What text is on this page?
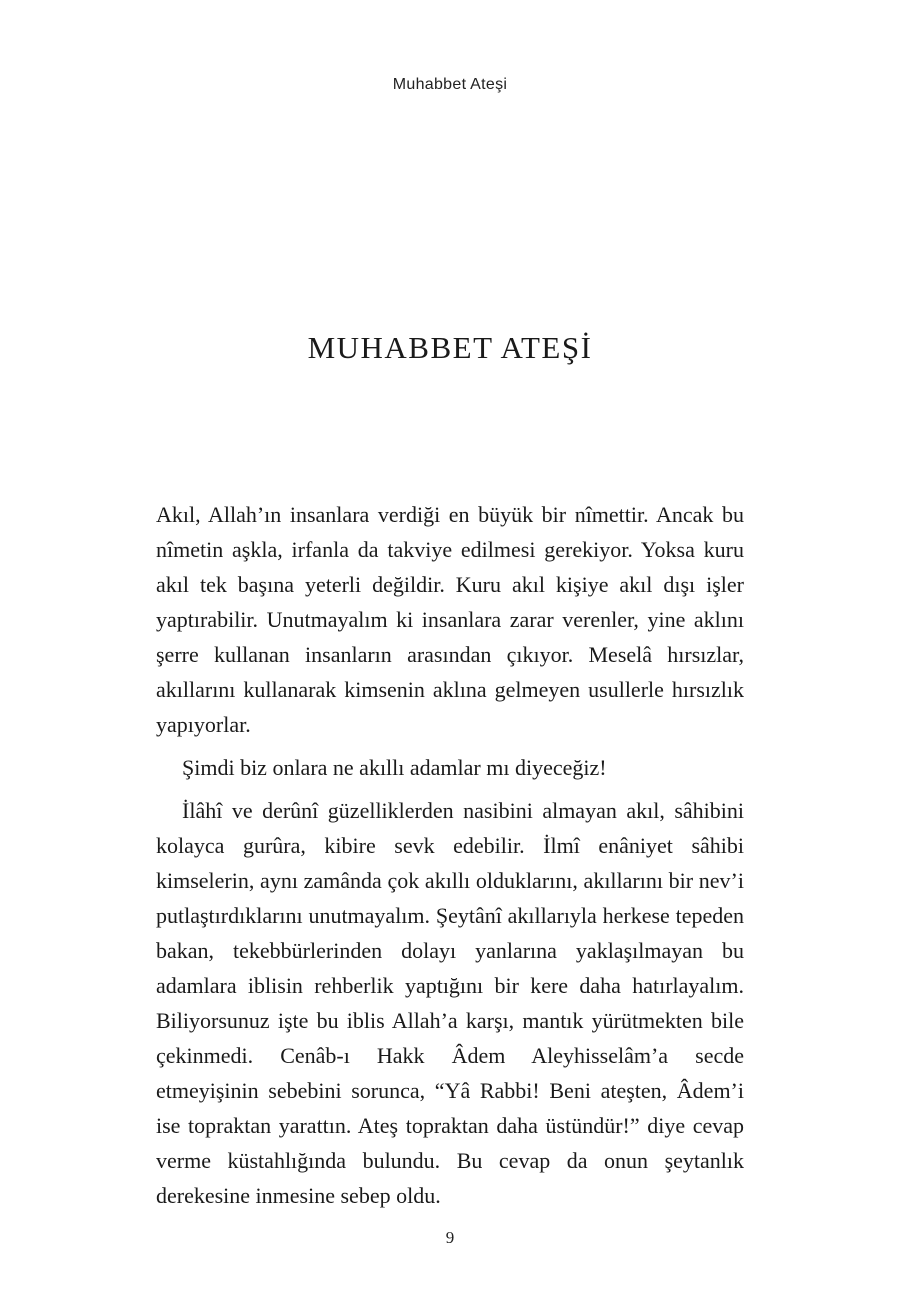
Muhabbet Ateşi
MUHABBET ATEŞİ

Akıl, Allah’ın insanlara verdiği en büyük bir nîmettir. Ancak bu nîmetin aşkla, irfanla da takviye edilmesi gerekiyor. Yoksa kuru akıl tek başına yeterli değildir. Kuru akıl kişiye akıl dışı işler yaptırabilir. Unutmayalım ki insanlara zarar verenler, yine aklını şerre kullanan insanların arasından çıkıyor. Meselâ hırsızlar, akıllarını kullanarak kimsenin aklına gelmeyen usullerle hırsızlık yapıyorlar.

Şimdi biz onlara ne akıllı adamlar mı diyeceğiz!

İlâhî ve derûnî güzelliklerden nasibini almayan akıl, sâhibini kolayca gurûra, kibire sevk edebilir. İlmî enâniyet sâhibi kimselerin, aynı zamânda çok akıllı olduklarını, akıllarını bir nev’i putlaştırdıklarını unutmayalım. Şeytânî akıllarıyla herkese tepeden bakan, tekebbürlerinden dolayı yanlarına yaklaşılmayan bu adamlara iblisin rehberlik yaptığını bir kere daha hatırlayalım. Biliyorsunuz işte bu iblis Allah’a karşı, mantık yürütmekten bile çekinmedi. Cenâb-ı Hakk Âdem Aleyhisselâm’a secde etmeyişinin sebebini sorunca, “Yâ Rabbi! Beni ateşten, Âdem’i ise topraktan yarattın. Ateş topraktan daha üstündür!” diye cevap verme küstahlığında bulundu. Bu cevap da onun şeytanlık derekesine inmesine sebep oldu.

9
